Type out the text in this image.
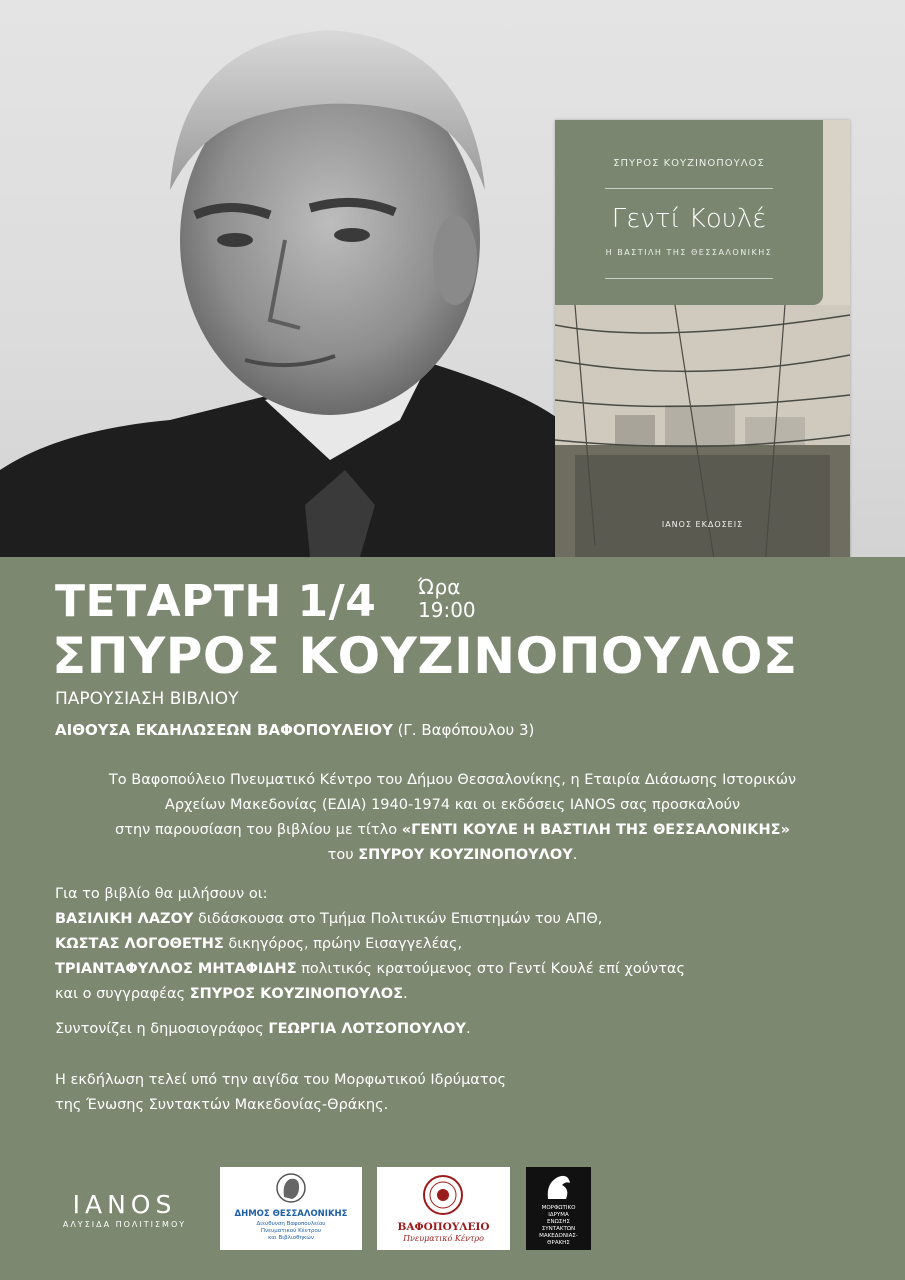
ΣΠΥΡΟΣ ΚΟΥΖΙΝΟΠΟΥΛΟΣ
Γεντί Κουλέ
Η ΒΑΣΤΙΛΗ ΤΗΣ ΘΕΣΣΑΛΟΝΙΚΗΣ
ΙΑΝΟΣ ΕΚΔΟΣΕΙΣ
ΤΕΤΑΡΤΗ 1/4 Ώρα
19:00
ΣΠΥΡΟΣ ΚΟΥΖΙΝΟΠΟΥΛΟΣ
ΠΑΡΟΥΣΙΑΣΗ ΒΙΒΛΙΟΥ
ΑΙΘΟΥΣΑ ΕΚΔΗΛΩΣΕΩΝ ΒΑΦΟΠΟΥΛΕΙΟΥ (Γ. Βαφόπουλου 3)
Το Βαφοπούλειο Πνευματικό Κέντρο του Δήμου Θεσσαλονίκης, η Εταιρία Διάσωσης Ιστορικών
Αρχείων Μακεδονίας (ΕΔΙΑ) 1940-1974 και οι εκδόσεις ΙΑΝΟS σας προσκαλούν
στην παρουσίαση του βιβλίου με τίτλο «ΓΕΝΤΙ ΚΟΥΛΕ Η ΒΑΣΤΙΛΗ ΤΗΣ ΘΕΣΣΑΛΟΝΙΚΗΣ»
του ΣΠΥΡΟΥ ΚΟΥΖΙΝΟΠΟΥΛΟΥ.
Για το βιβλίο θα μιλήσουν οι:
ΒΑΣΙΛΙΚΗ ΛΑΖΟΥ διδάσκουσα στο Τμήμα Πολιτικών Επιστημών του ΑΠΘ,
ΚΩΣΤΑΣ ΛΟΓΟΘΕΤΗΣ δικηγόρος, πρώην Εισαγγελέας,
ΤΡΙΑΝΤΑΦΥΛΛΟΣ ΜΗΤΑΦΙΔΗΣ πολιτικός κρατούμενος στο Γεντί Κουλέ επί χούντας
και ο συγγραφέας ΣΠΥΡΟΣ ΚΟΥΖΙΝΟΠΟΥΛΟΣ.
Συντονίζει η δημοσιογράφος ΓΕΩΡΓΙΑ ΛΟΤΣΟΠΟΥΛΟΥ.
Η εκδήλωση τελεί υπό την αιγίδα του Μορφωτικού Ιδρύματος
της Ένωσης Συντακτών Μακεδονίας-Θράκης.
ΙΑΝΟS
ΑΛΥΣΙΔΑ ΠΟΛΙΤΙΣΜΟΥ
ΔΗΜΟΣ ΘΕΣΣΑΛΟΝΙΚΗΣ
Διεύθυνση Βαφοπουλείου
Πνευματικού Κέντρου
και Βιβλιοθηκών
ΒΑΦΟΠΟΥΛΕΙΟ
Πνευματικό Κέντρο
ΜΟΡΦΩΤΙΚΟ
ΙΔΡΥΜΑ
ΕΝΩΣΗΣ
ΣΥΝΤΑΚΤΩΝ
ΜΑΚΕΔΟΝΙΑΣ-
ΘΡΑΚΗΣ
